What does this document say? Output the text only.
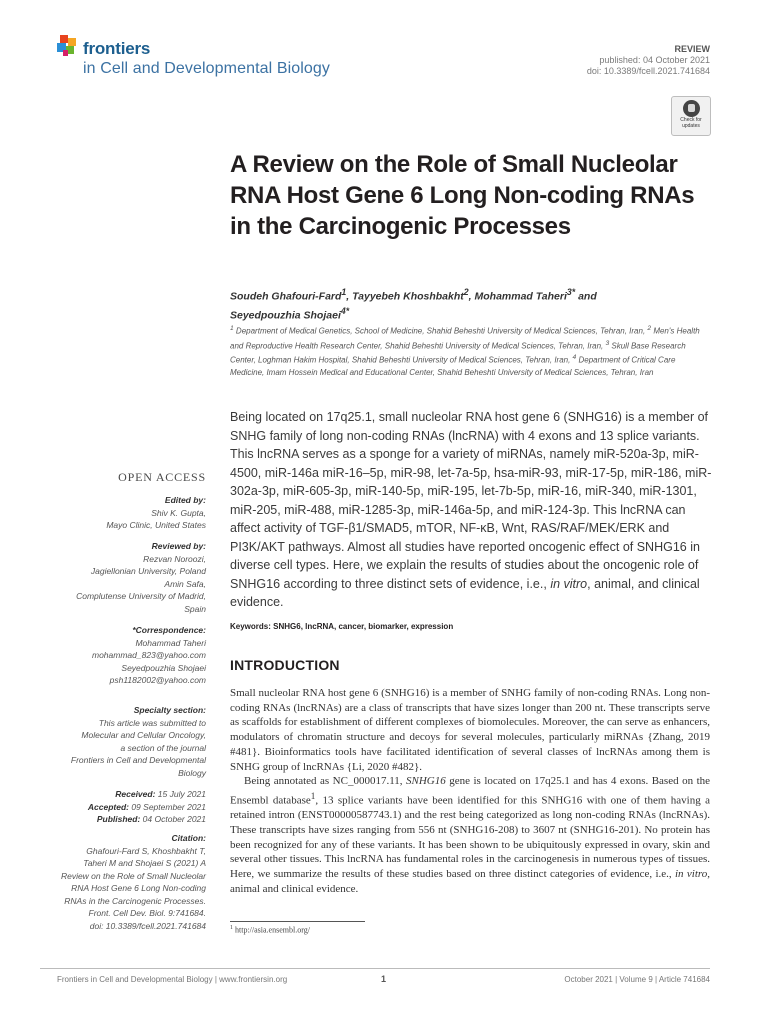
frontiers
in Cell and Developmental Biology
REVIEW
published: 04 October 2021
doi: 10.3389/fcell.2021.741684
Check for updates
A Review on the Role of Small Nucleolar RNA Host Gene 6 Long Non-coding RNAs in the Carcinogenic Processes
Soudeh Ghafouri-Fard$^1$, Tayyebeh Khoshbakht$^2$, Mohammad Taheri$^{3*}$ and
Seyedpouzhia Shojaei$^{4*}$
$^1$ Department of Medical Genetics, School of Medicine, Shahid Beheshti University of Medical Sciences, Tehran, Iran, $^2$ Men's Health and Reproductive Health Research Center, Shahid Beheshti University of Medical Sciences, Tehran, Iran, $^3$ Skull Base Research Center, Loghman Hakim Hospital, Shahid Beheshti University of Medical Sciences, Tehran, Iran, $^4$ Department of Critical Care Medicine, Imam Hossein Medical and Educational Center, Shahid Beheshti University of Medical Sciences, Tehran, Iran
Being located on 17q25.1, small nucleolar RNA host gene 6 (SNHG16) is a member of SNHG family of long non-coding RNAs (lncRNA) with 4 exons and 13 splice variants. This lncRNA serves as a sponge for a variety of miRNAs, namely miR-520a-3p, miR-4500, miR-146a miR-16–5p, miR-98, let-7a-5p, hsa-miR-93, miR-17-5p, miR-186, miR-302a-3p, miR-605-3p, miR-140-5p, miR-195, let-7b-5p, miR-16, miR-340, miR-1301, miR-205, miR-488, miR-1285-3p, miR-146a-5p, and miR-124-3p. This lncRNA can affect activity of TGF-β1/SMAD5, mTOR, NF-κB, Wnt, RAS/RAF/MEK/ERK and PI3K/AKT pathways. Almost all studies have reported oncogenic effect of SNHG16 in diverse cell types. Here, we explain the results of studies about the oncogenic role of SNHG16 according to three distinct sets of evidence, i.e., in vitro, animal, and clinical evidence.
Keywords: SNHG6, lncRNA, cancer, biomarker, expression
OPEN ACCESS
Edited by:
Shiv K. Gupta,
Mayo Clinic, United States
Reviewed by:
Rezvan Noroozi,
Jagiellonian University, Poland
Amin Safa,
Complutense University of Madrid,
Spain
*Correspondence:
Mohammad Taheri
mohammad_823@yahoo.com
Seyedpouzhia Shojaei
psh1182002@yahoo.com
Specialty section:
This article was submitted to
Molecular and Cellular Oncology,
a section of the journal
Frontiers in Cell and Developmental
Biology
Received: 15 July 2021
Accepted: 09 September 2021
Published: 04 October 2021
Citation:
Ghafouri-Fard S, Khoshbakht T,
Taheri M and Shojaei S (2021) A
Review on the Role of Small Nucleolar
RNA Host Gene 6 Long Non-coding
RNAs in the Carcinogenic Processes.
Front. Cell Dev. Biol. 9:741684.
doi: 10.3389/fcell.2021.741684
INTRODUCTION

Small nucleolar RNA host gene 6 (SNHG16) is a member of SNHG family of non-coding RNAs. Long non-coding RNAs (lncRNAs) are a class of transcripts that have sizes longer than 200 nt. These transcripts serve as scaffolds for establishment of different complexes of biomolecules. Moreover, the can serve as enhancers, modulators of chromatin structure and decoys for several molecules, particularly miRNAs {Zhang, 2019 #481}. Bioinformatics tools have facilitated identification of several classes of lncRNAs among them is SNHG group of lncRNAs {Li, 2020 #482}.

Being annotated as NC_000017.11, SNHG16 gene is located on 17q25.1 and has 4 exons. Based on the Ensembl database$^1$, 13 splice variants have been identified for this SNHG16 with one of them having a retained intron (ENST00000587743.1) and the rest being categorized as long non-coding RNAs (lncRNAs). These transcripts have sizes ranging from 556 nt (SNHG16-208) to 3607 nt (SNHG16-201). No protein has been recognized for any of these variants. It has been shown to be ubiquitously expressed in ovary, skin and several other tissues. This lncRNA has fundamental roles in the carcinogenesis in numerous types of tissues. Here, we summarize the results of these studies based on three distinct categories of evidence, i.e., in vitro, animal and clinical evidence.

$^1$ http://asia.ensembl.org/
Frontiers in Cell and Developmental Biology | www.frontiersin.org	1	October 2021 | Volume 9 | Article 741684
